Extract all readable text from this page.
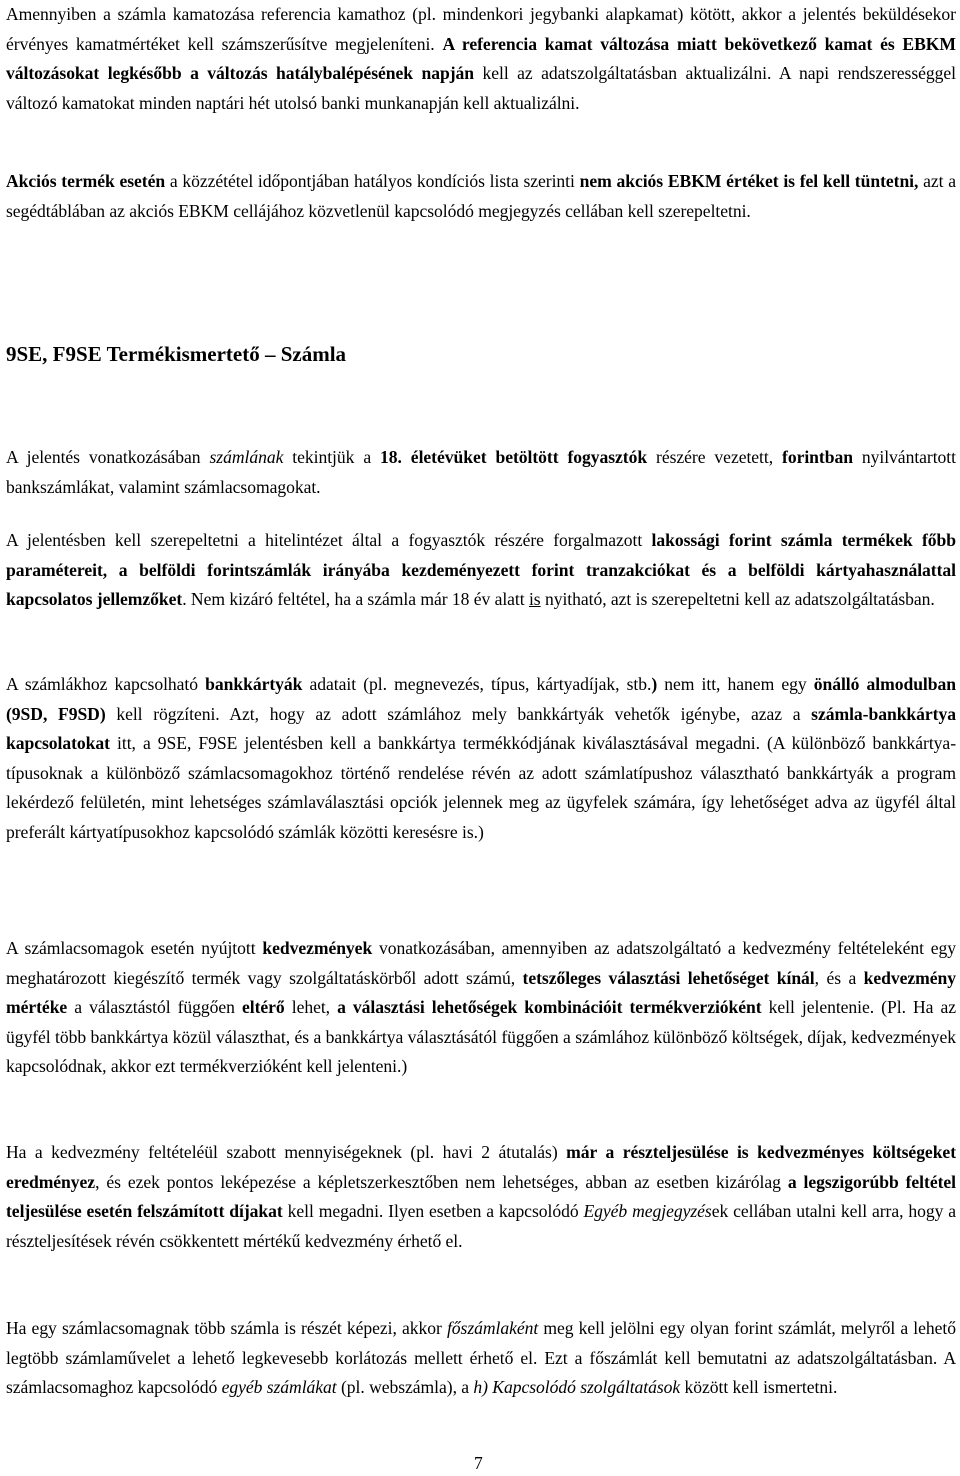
Amennyiben a számla kamatozása referencia kamathoz (pl. mindenkori jegybanki alapkamat) kötött, akkor a jelentés beküldésekor érvényes kamatmértéket kell számszerűsítve megjeleníteni. A referencia kamat változása miatt bekövetkező kamat és EBKM változásokat legkésőbb a változás hatálybalépésének napján kell az adatszolgáltatásban aktualizálni. A napi rendszerességgel változó kamatokat minden naptári hét utolsó banki munkanapján kell aktualizálni.

Akciós termék esetén a közzététel időpontjában hatályos kondíciós lista szerinti nem akciós EBKM értéket is fel kell tüntetni, azt a segédtáblában az akciós EBKM cellájához közvetlenül kapcsolódó megjegyzés cellában kell szerepeltetni.

9SE, F9SE Termékismertető – Számla

A jelentés vonatkozásában számlának tekintjük a 18. életévüket betöltött fogyasztók részére vezetett, forintban nyilvántartott bankszámlákat, valamint számlacsomagokat.

A jelentésben kell szerepeltetni a hitelintézet által a fogyasztók részére forgalmazott lakossági forint számla termékek főbb paramétereit, a belföldi forintszámlák irányába kezdeményezett forint tranzakciókat és a belföldi kártyahasználattal kapcsolatos jellemzőket. Nem kizáró feltétel, ha a számla már 18 év alatt is nyitható, azt is szerepeltetni kell az adatszolgáltatásban.

A számlákhoz kapcsolható bankkártyák adatait (pl. megnevezés, típus, kártyadíjak, stb.) nem itt, hanem egy önálló almodulban (9SD, F9SD) kell rögzíteni. Azt, hogy az adott számlához mely bankkártyák vehetők igénybe, azaz a számla-bankkártya kapcsolatokat itt, a 9SE, F9SE jelentésben kell a bankkártya termékkódjának kiválasztásával megadni. (A különböző bankkártya-típusoknak a különböző számlacsomagokhoz történő rendelése révén az adott számlatípushoz választható bankkártyák a program lekérdező felületén, mint lehetséges számlaválasztási opciók jelennek meg az ügyfelek számára, így lehetőséget adva az ügyfél által preferált kártyatípusokhoz kapcsolódó számlák közötti keresésre is.)

A számlacsomagok esetén nyújtott kedvezmények vonatkozásában, amennyiben az adatszolgáltató a kedvezmény feltételeként egy meghatározott kiegészítő termék vagy szolgáltatáskörből adott számú, tetszőleges választási lehetőséget kínál, és a kedvezmény mértéke a választástól függően eltérő lehet, a választási lehetőségek kombinációit termékverzióként kell jelentenie. (Pl. Ha az ügyfél több bankkártya közül választhat, és a bankkártya választásától függően a számlához különböző költségek, díjak, kedvezmények kapcsolódnak, akkor ezt termékverzióként kell jelenteni.)

Ha a kedvezmény feltételéül szabott mennyiségeknek (pl. havi 2 átutalás) már a részteljesülése is kedvezményes költségeket eredményez, és ezek pontos leképezése a képletszerkesztőben nem lehetséges, abban az esetben kizárólag a legszigorúbb feltétel teljesülése esetén felszámított díjakat kell megadni. Ilyen esetben a kapcsolódó Egyéb megjegyzések cellában utalni kell arra, hogy a részteljesítések révén csökkentett mértékű kedvezmény érhető el.

Ha egy számlacsomagnak több számla is részét képezi, akkor főszámlaként meg kell jelölni egy olyan forint számlát, melyről a lehető legtöbb számlaművelet a lehető legkevesebb korlátozás mellett érhető el. Ezt a főszámlát kell bemutatni az adatszolgáltatásban. A számlacsomaghoz kapcsolódó egyéb számlákat (pl. webszámla), a h) Kapcsolódó szolgáltatások között kell ismertetni.

7
